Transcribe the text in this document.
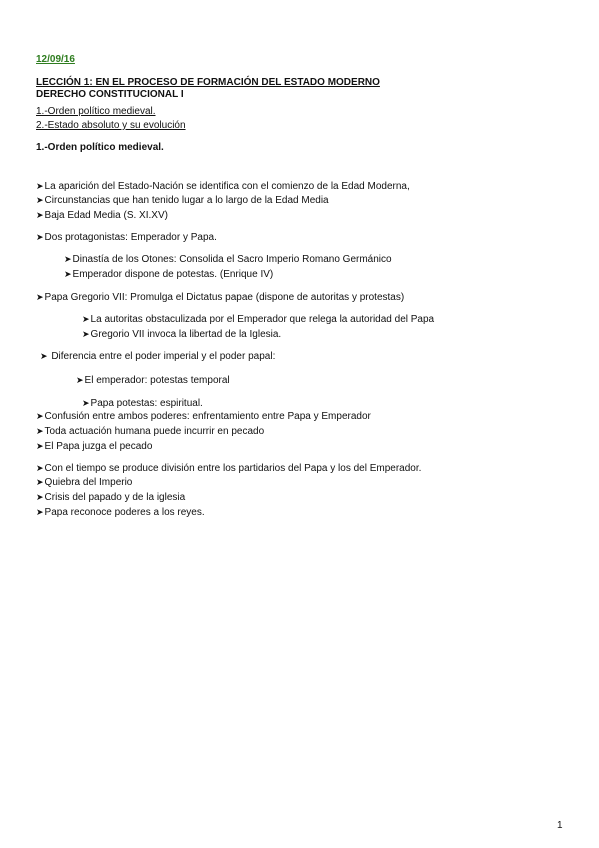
12/09/16
LECCIÓN 1: EN EL PROCESO DE FORMACIÓN DEL ESTADO MODERNO
DERECHO CONSTITUCIONAL I
1.-Orden político medieval.
2.-Estado absoluto y su evolución
1.-Orden político medieval.
➤La aparición del Estado-Nación se identifica con el comienzo de la Edad Moderna,
➤Circunstancias que han tenido lugar a lo largo de la Edad Media
➤Baja Edad Media (S. XI.XV)
➤Dos protagonistas: Emperador y Papa.
➤Dinastía de los Otones: Consolida el Sacro Imperio Romano Germánico
➤Emperador dispone de potestas. (Enrique IV)
➤Papa Gregorio VII: Promulga el Dictatus papae (dispone de autoritas y protestas)
➤La autoritas obstaculizada por el Emperador que relega la autoridad del Papa
➤Gregorio VII invoca la libertad de la Iglesia.
➤ Diferencia entre el poder imperial y el poder papal:
➤El emperador: potestas temporal
➤Papa potestas: espiritual.
➤Confusión entre ambos poderes: enfrentamiento entre Papa y Emperador
➤Toda actuación humana puede incurrir en pecado
➤El Papa juzga el pecado
➤Con el tiempo se produce división entre los partidarios del Papa y los del Emperador.
➤Quiebra del Imperio
➤Crisis del papado y de la iglesia
➤Papa reconoce poderes a los reyes.
1
